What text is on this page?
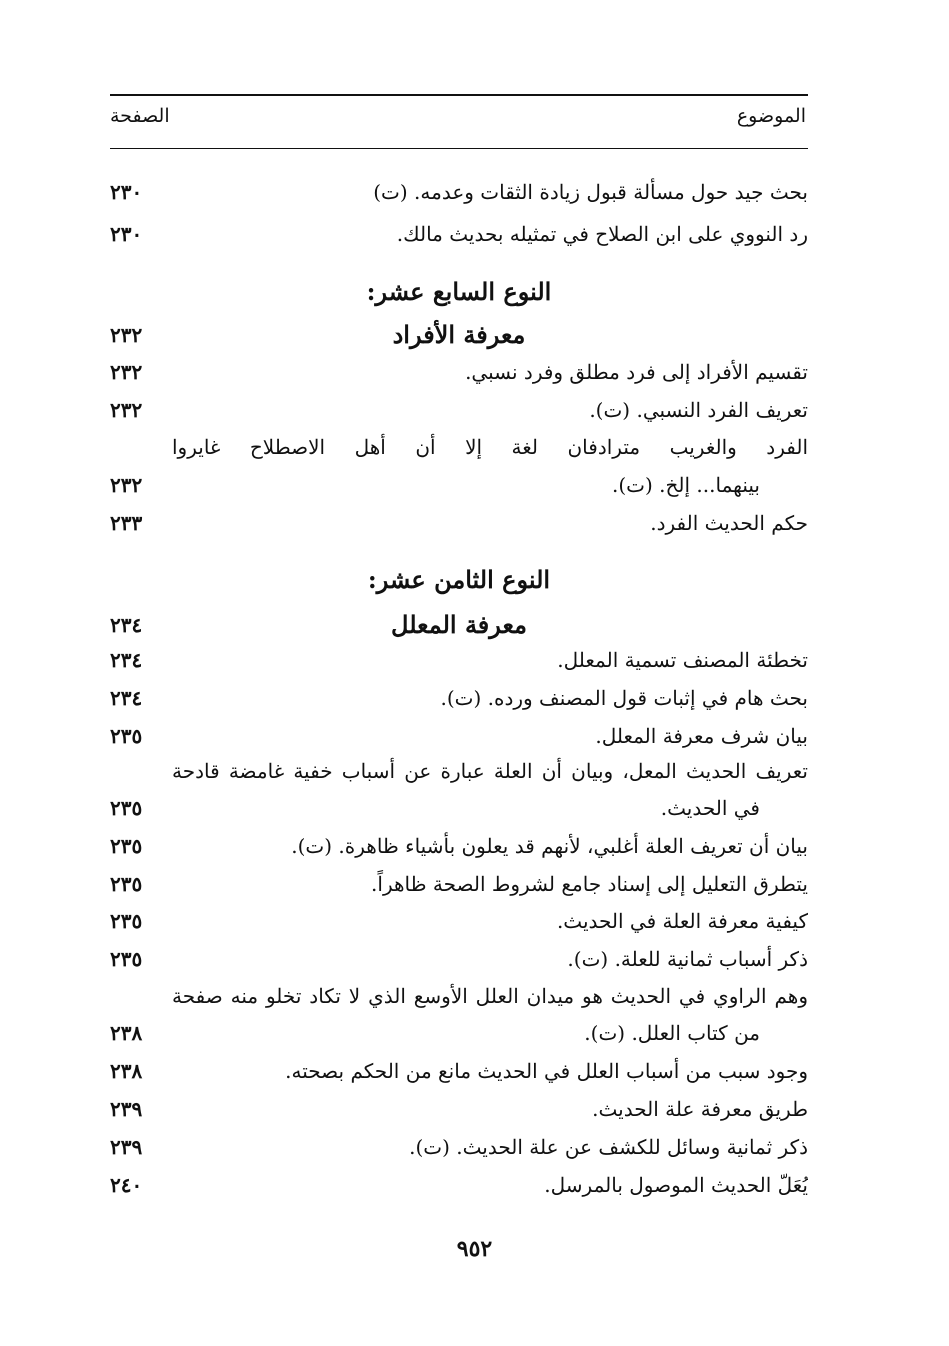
الموضوع
الصفحة
بحث جيد حول مسألة قبول زيادة الثقات وعدمه. (ت)
٢٣٠
رد النووي على ابن الصلاح في تمثيله بحديث مالك.
٢٣٠
النوع السابع عشر:
معرفة الأفراد
٢٣٢
تقسيم الأفراد إلى فرد مطلق وفرد نسبي.
٢٣٢
تعريف الفرد النسبي. (ت).
٢٣٢
الفرد والغريب مترادفان لغة إلا أن أهل الاصطلاح غايروا
بينهما... إلخ. (ت).
٢٣٢
حكم الحديث الفرد.
٢٣٣
النوع الثامن عشر:
معرفة المعلل
٢٣٤
تخطئة المصنف تسمية المعلل.
٢٣٤
بحث هام في إثبات قول المصنف ورده. (ت).
٢٣٤
بيان شرف معرفة المعلل.
٢٣٥
تعريف الحديث المعل، وبيان أن العلة عبارة عن أسباب خفية غامضة قادحة
في الحديث.
٢٣٥
بيان أن تعريف العلة أغلبي، لأنهم قد يعلون بأشياء ظاهرة. (ت).
٢٣٥
يتطرق التعليل إلى إسناد جامع لشروط الصحة ظاهراً.
٢٣٥
كيفية معرفة العلة في الحديث.
٢٣٥
ذكر أسباب ثمانية للعلة. (ت).
٢٣٥
وهم الراوي في الحديث هو ميدان العلل الأوسع الذي لا تكاد تخلو منه صفحة
من كتاب العلل. (ت).
٢٣٨
وجود سبب من أسباب العلل في الحديث مانع من الحكم بصحته.
٢٣٨
طريق معرفة علة الحديث.
٢٣٩
ذكر ثمانية وسائل للكشف عن علة الحديث. (ت).
٢٣٩
يُعَلّ الحديث الموصول بالمرسل.
٢٤٠
٩٥٢
